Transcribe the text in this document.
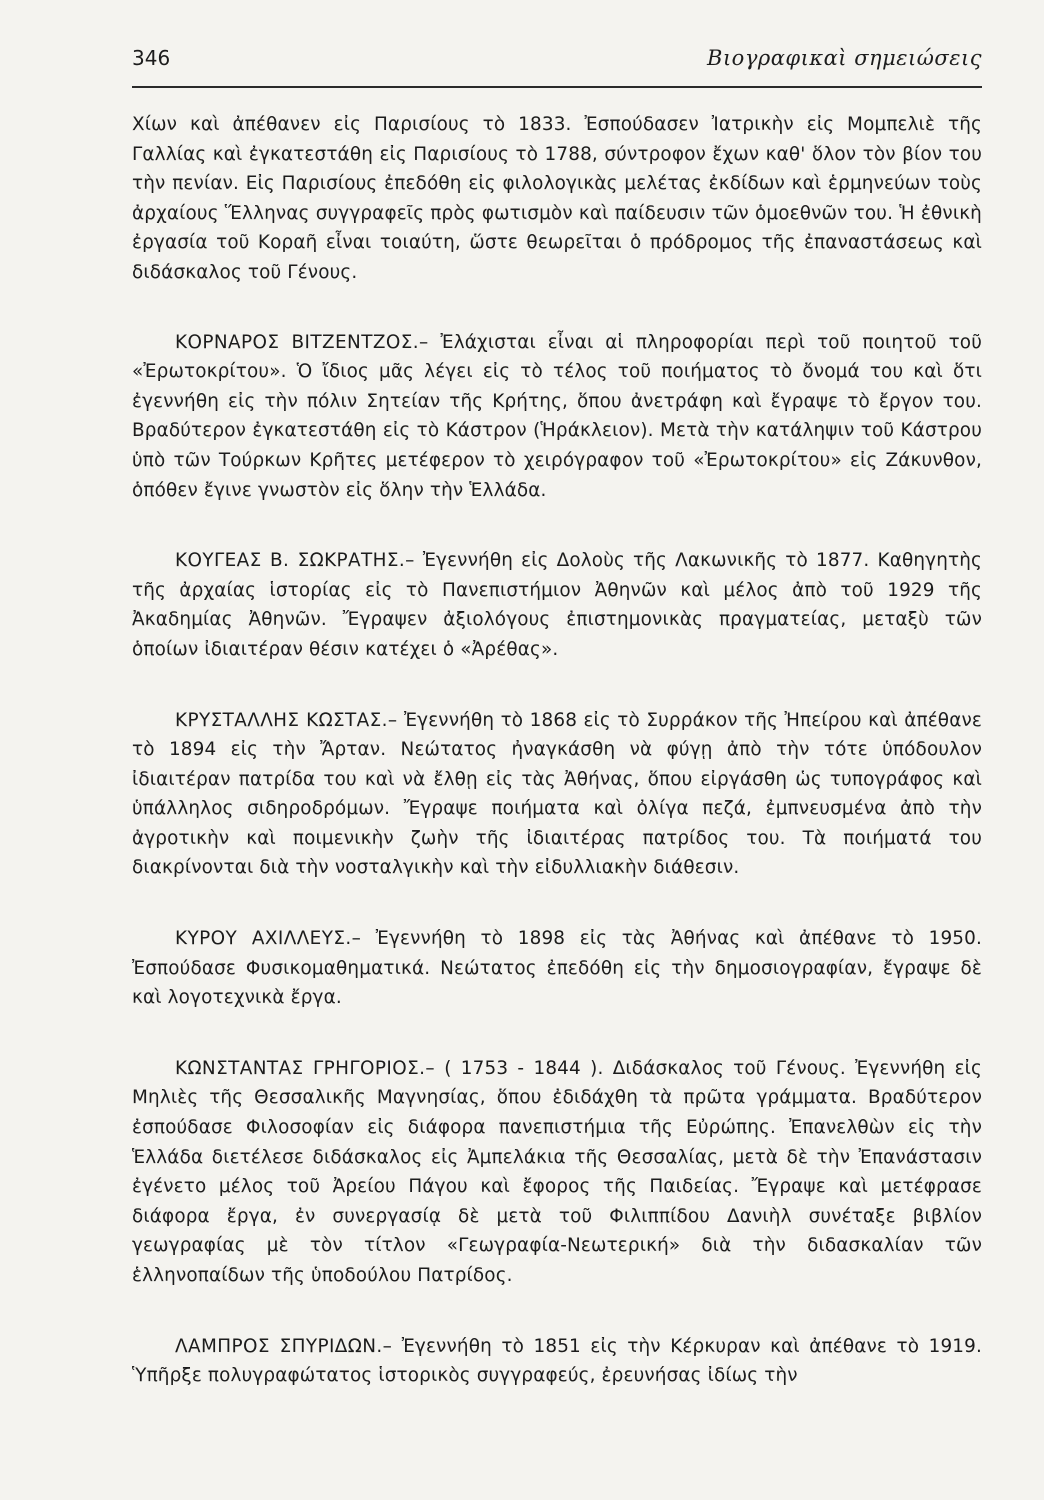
346	Βιογραφικαὶ σημειώσεις

Χίων καὶ ἀπέθανεν εἰς Παρισίους τὸ 1833. Ἐσπούδασεν Ἰατρικὴν εἰς Μομπελιὲ τῆς Γαλλίας καὶ ἐγκατεστάθη εἰς Παρισίους τὸ 1788, σύντροφον ἔχων καθ' ὅλον τὸν βίον του τὴν πενίαν. Εἰς Παρισίους ἐπεδόθη εἰς φιλολογικὰς μελέτας ἐκδίδων καὶ ἑρμηνεύων τοὺς ἀρχαίους Ἕλληνας συγγραφεῖς πρὸς φωτισμὸν καὶ παίδευσιν τῶν ὁμοεθνῶν του. Ἡ ἐθνικὴ ἐργασία τοῦ Κοραῆ εἶναι τοιαύτη, ὥστε θεωρεῖται ὁ πρόδρομος τῆς ἐπαναστάσεως καὶ διδάσκαλος τοῦ Γένους.

ΚΟΡΝΑΡΟΣ ΒΙΤΖΕΝΤΖΟΣ.– Ἐλάχισται εἶναι αἱ πληροφορίαι περὶ τοῦ ποιητοῦ τοῦ «Ἐρωτοκρίτου». Ὁ ἴδιος μᾶς λέγει εἰς τὸ τέλος τοῦ ποιήματος τὸ ὄνομά του καὶ ὅτι ἐγεννήθη εἰς τὴν πόλιν Σητείαν τῆς Κρήτης, ὅπου ἀνετράφη καὶ ἔγραψε τὸ ἔργον του. Βραδύτερον ἐγκατεστάθη εἰς τὸ Κάστρον (Ἡράκλειον). Μετὰ τὴν κατάληψιν τοῦ Κάστρου ὑπὸ τῶν Τούρκων Κρῆτες μετέφερον τὸ χειρόγραφον τοῦ «Ἐρωτοκρίτου» εἰς Ζάκυνθον, ὁπόθεν ἔγινε γνωστὸν εἰς ὅλην τὴν Ἑλλάδα.

ΚΟΥΓΕΑΣ Β. ΣΩΚΡΑΤΗΣ.– Ἐγεννήθη εἰς Δολοὺς τῆς Λακωνικῆς τὸ 1877. Καθηγητὴς τῆς ἀρχαίας ἱστορίας εἰς τὸ Πανεπιστήμιον Ἀθηνῶν καὶ μέλος ἀπὸ τοῦ 1929 τῆς Ἀκαδημίας Ἀθηνῶν. Ἔγραψεν ἀξιολόγους ἐπιστημονικὰς πραγματείας, μεταξὺ τῶν ὁποίων ἰδιαιτέραν θέσιν κατέχει ὁ «Ἀρέθας».

ΚΡΥΣΤΑΛΛΗΣ ΚΩΣΤΑΣ.– Ἐγεννήθη τὸ 1868 εἰς τὸ Συρράκον τῆς Ἠπείρου καὶ ἀπέθανε τὸ 1894 εἰς τὴν Ἄρταν. Νεώτατος ἠναγκάσθη νὰ φύγῃ ἀπὸ τὴν τότε ὑπόδουλον ἰδιαιτέραν πατρίδα του καὶ νὰ ἔλθῃ εἰς τὰς Ἀθήνας, ὅπου εἰργάσθη ὡς τυπογράφος καὶ ὑπάλληλος σιδηροδρόμων. Ἔγραψε ποιήματα καὶ ὀλίγα πεζά, ἐμπνευσμένα ἀπὸ τὴν ἀγροτικὴν καὶ ποιμενικὴν ζωὴν τῆς ἰδιαιτέρας πατρίδος του. Τὰ ποιήματά του διακρίνονται διὰ τὴν νοσταλγικὴν καὶ τὴν εἰδυλλιακὴν διάθεσιν.

ΚΥΡΟΥ ΑΧΙΛΛΕΥΣ.– Ἐγεννήθη τὸ 1898 εἰς τὰς Ἀθήνας καὶ ἀπέθανε τὸ 1950. Ἐσπούδασε Φυσικομαθηματικά. Νεώτατος ἐπεδόθη εἰς τὴν δημοσιογραφίαν, ἔγραψε δὲ καὶ λογοτεχνικὰ ἔργα.

ΚΩΝΣΤΑΝΤΑΣ ΓΡΗΓΟΡΙΟΣ.– ( 1753 - 1844 ). Διδάσκαλος τοῦ Γένους. Ἐγεννήθη εἰς Μηλιὲς τῆς Θεσσαλικῆς Μαγνησίας, ὅπου ἐδιδάχθη τὰ πρῶτα γράμματα. Βραδύτερον ἐσπούδασε Φιλοσοφίαν εἰς διάφορα πανεπιστήμια τῆς Εὐρώπης. Ἐπανελθὼν εἰς τὴν Ἑλλάδα διετέλεσε διδάσκαλος εἰς Ἀμπελάκια τῆς Θεσσαλίας, μετὰ δὲ τὴν Ἐπανάστασιν ἐγένετο μέλος τοῦ Ἀρείου Πάγου καὶ ἔφορος τῆς Παιδείας. Ἔγραψε καὶ μετέφρασε διάφορα ἔργα, ἐν συνεργασίᾳ δὲ μετὰ τοῦ Φιλιππίδου Δανιὴλ συνέταξε βιβλίον γεωγραφίας μὲ τὸν τίτλον «Γεωγραφία-Νεωτερική» διὰ τὴν διδασκαλίαν τῶν ἑλληνοπαίδων τῆς ὑποδούλου Πατρίδος.

ΛΑΜΠΡΟΣ ΣΠΥΡΙΔΩΝ.– Ἐγεννήθη τὸ 1851 εἰς τὴν Κέρκυραν καὶ ἀπέθανε τὸ 1919. Ὑπῆρξε πολυγραφώτατος ἱστορικὸς συγγραφεύς, ἐρευνήσας ἰδίως τὴν
